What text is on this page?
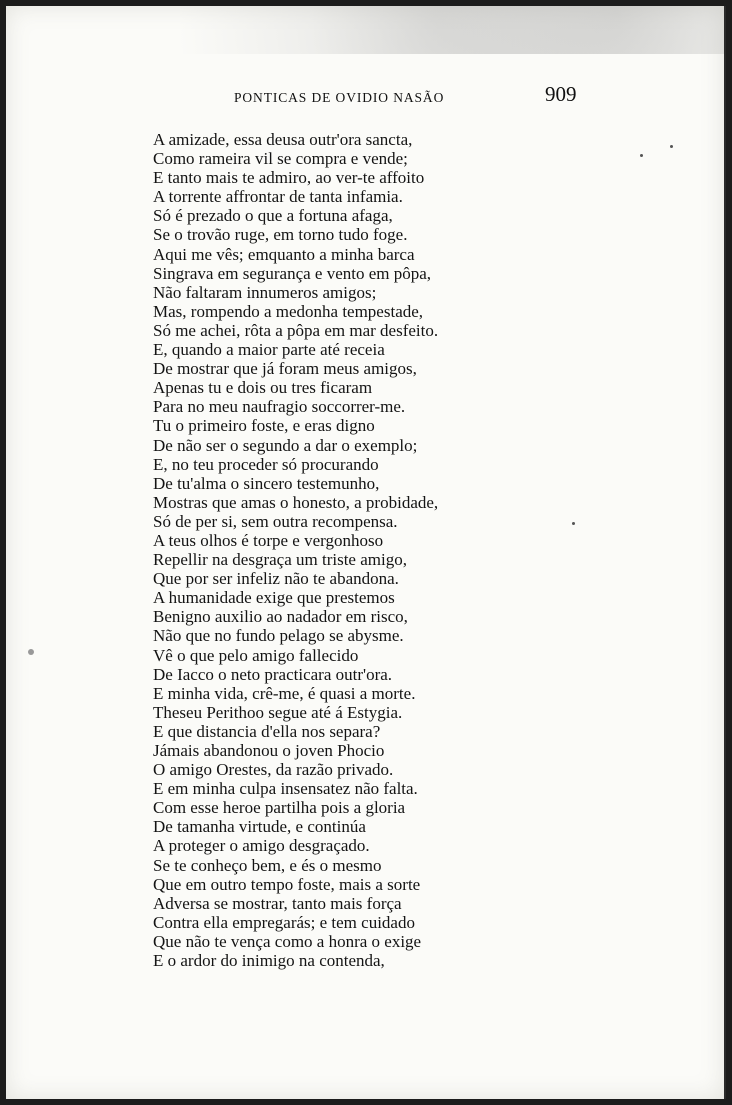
PONTICAS DE OVIDIO NASÃO	909
A amizade, essa deusa outr'ora sancta,
Como rameira vil se compra e vende;
E tanto mais te admiro, ao ver-te affoito
A torrente affrontar de tanta infamia.
Só é prezado o que a fortuna afaga,
Se o trovão ruge, em torno tudo foge.
Aqui me vês; emquanto a minha barca
Singrava em segurança e vento em pôpa,
Não faltaram innumeros amigos;
Mas, rompendo a medonha tempestade,
Só me achei, rôta a pôpa em mar desfeito.
E, quando a maior parte até receia
De mostrar que já foram meus amigos,
Apenas tu e dois ou tres ficaram
Para no meu naufragio soccorrer-me.
Tu o primeiro foste, e eras digno
De não ser o segundo a dar o exemplo;
E, no teu proceder só procurando
De tu'alma o sincero testemunho,
Mostras que amas o honesto, a probidade,
Só de per si, sem outra recompensa.
A teus olhos é torpe e vergonhoso
Repellir na desgraça um triste amigo,
Que por ser infeliz não te abandona.
A humanidade exige que prestemos
Benigno auxilio ao nadador em risco,
Não que no fundo pelago se abysme.
Vê o que pelo amigo fallecido
De Iacco o neto practicara outr'ora.
E minha vida, crê-me, é quasi a morte.
Theseu Perithoo segue até á Estygia.
E que distancia d'ella nos separa?
Jámais abandonou o joven Phocio
O amigo Orestes, da razão privado.
E em minha culpa insensatez não falta.
Com esse heroe partilha pois a gloria
De tamanha virtude, e continúa
A proteger o amigo desgraçado.
Se te conheço bem, e és o mesmo
Que em outro tempo foste, mais a sorte
Adversa se mostrar, tanto mais força
Contra ella empregarás; e tem cuidado
Que não te vença como a honra o exige
E o ardor do inimigo na contenda,
